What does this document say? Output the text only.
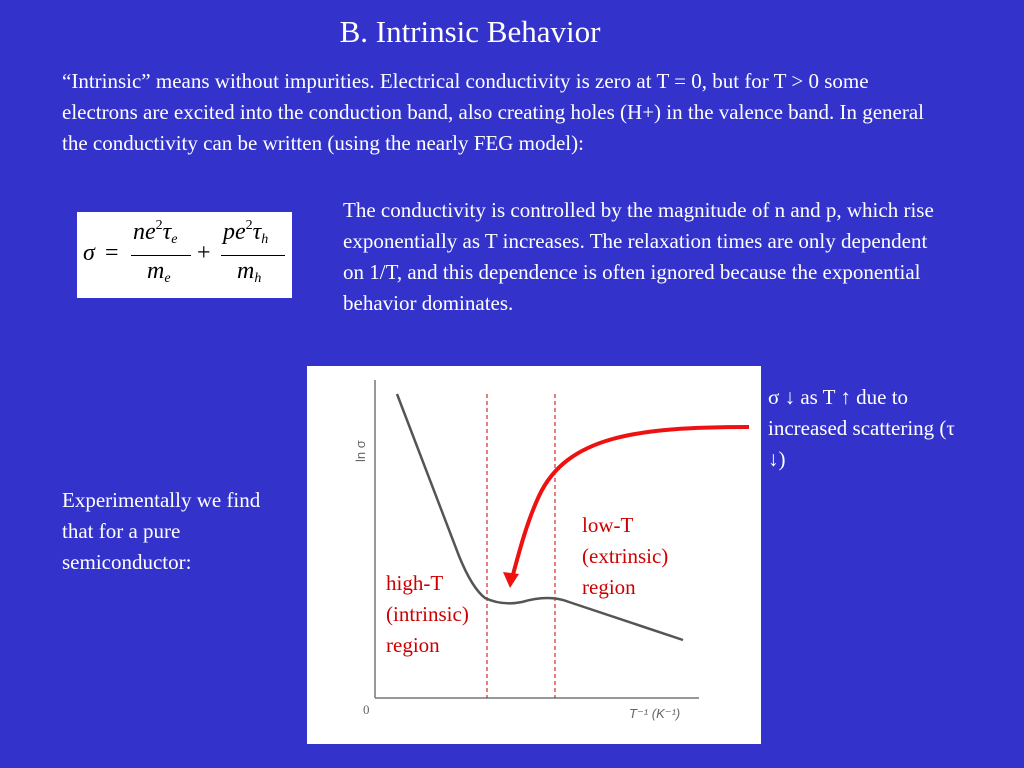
B. Intrinsic Behavior
“Intrinsic” means without impurities. Electrical conductivity is zero at T = 0, but for T > 0 some electrons are excited into the conduction band, also creating holes (H+) in the valence band. In general the conductivity can be written (using the nearly FEG model):
σ =
$ne^2\tau e$
me
+
$pe^2\tau h$
mh
The conductivity is controlled by the magnitude of n and p, which rise exponentially as T increases. The relaxation times are only dependent on 1/T, and this dependence is often ignored because the exponential behavior dominates.
Experimentally we find that for a pure semiconductor:
σ ↓ as T ↑ due to increased scattering (τ ↓)
ln σ
0	T⁻¹ (K⁻¹)
high-T (intrinsic) region
low-T (extrinsic) region
